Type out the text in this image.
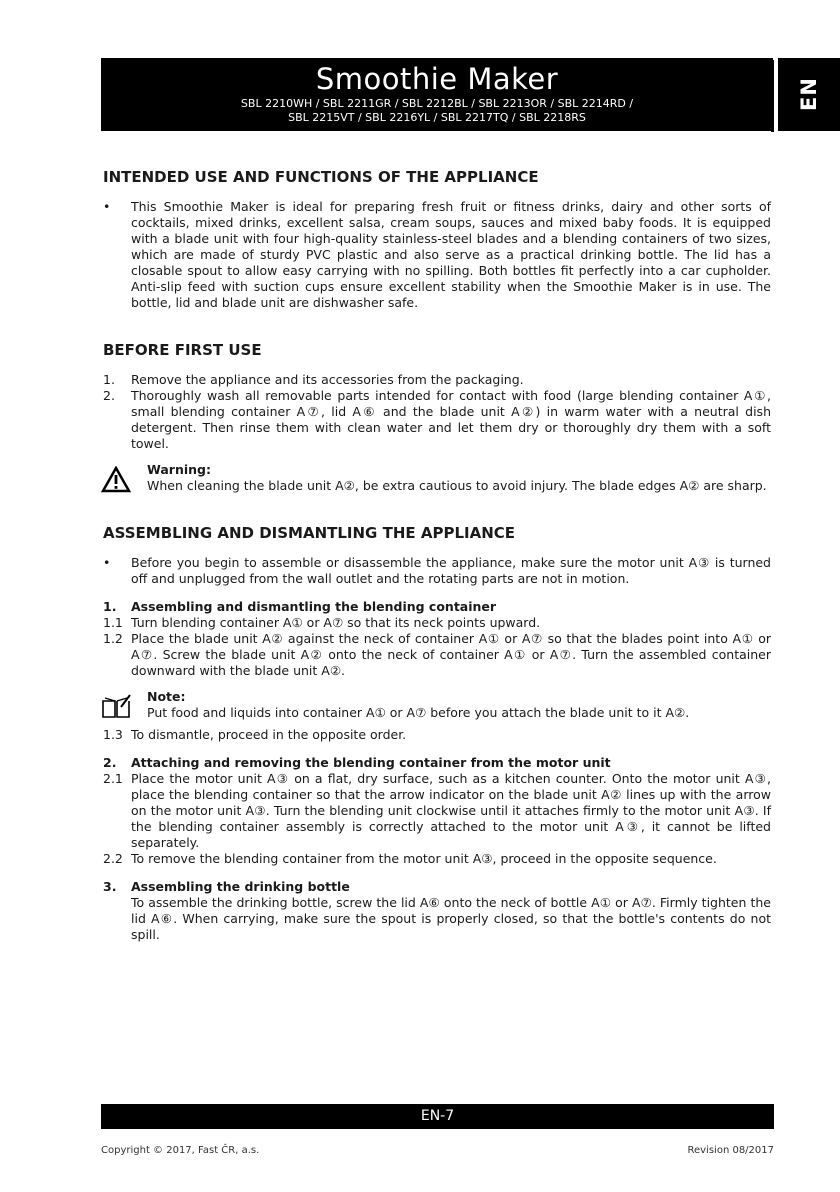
Smoothie Maker
SBL 2210WH / SBL 2211GR / SBL 2212BL / SBL 2213OR / SBL 2214RD /
SBL 2215VT / SBL 2216YL / SBL 2217TQ / SBL 2218RS
EN
INTENDED USE AND FUNCTIONS OF THE APPLIANCE

• This Smoothie Maker is ideal for preparing fresh fruit or fitness drinks, dairy and other sorts of cocktails, mixed drinks, excellent salsa, cream soups, sauces and mixed baby foods. It is equipped with a blade unit with four high-quality stainless-steel blades and a blending containers of two sizes, which are made of sturdy PVC plastic and also serve as a practical drinking bottle. The lid has a closable spout to allow easy carrying with no spilling. Both bottles fit perfectly into a car cupholder. Anti-slip feed with suction cups ensure excellent stability when the Smoothie Maker is in use. The bottle, lid and blade unit are dishwasher safe.

BEFORE FIRST USE

1. Remove the appliance and its accessories from the packaging.

2. Thoroughly wash all removable parts intended for contact with food (large blending container A①, small blending container A⑦, lid A⑥ and the blade unit A②) in warm water with a neutral dish detergent. Then rinse them with clean water and let them dry or thoroughly dry them with a soft towel.

Warning:
When cleaning the blade unit A②, be extra cautious to avoid injury. The blade edges A② are sharp.
ASSEMBLING AND DISMANTLING THE APPLIANCE

• Before you begin to assemble or disassemble the appliance, make sure the motor unit A③ is turned off and unplugged from the wall outlet and the rotating parts are not in motion.

1. Assembling and dismantling the blending container

1.1 Turn blending container A① or A⑦ so that its neck points upward.

1.2 Place the blade unit A② against the neck of container A① or A⑦ so that the blades point into A① or A⑦. Screw the blade unit A② onto the neck of container A① or A⑦. Turn the assembled container downward with the blade unit A②.

Note:
Put food and liquids into container A① or A⑦ before you attach the blade unit to it A②.

1.3 To dismantle, proceed in the opposite order.

2. Attaching and removing the blending container from the motor unit

2.1 Place the motor unit A③ on a flat, dry surface, such as a kitchen counter. Onto the motor unit A③, place the blending container so that the arrow indicator on the blade unit A② lines up with the arrow on the motor unit A③. Turn the blending unit clockwise until it attaches firmly to the motor unit A③. If the blending container assembly is correctly attached to the motor unit A③, it cannot be lifted separately.

2.2 To remove the blending container from the motor unit A③, proceed in the opposite sequence.

3. Assembling the drinking bottle

To assemble the drinking bottle, screw the lid A⑥ onto the neck of bottle A① or A⑦. Firmly tighten the lid A⑥. When carrying, make sure the spout is properly closed, so that the bottle's contents do not spill.

EN-7
Copyright © 2017, Fast ČR, a.s.	Revision 08/2017
